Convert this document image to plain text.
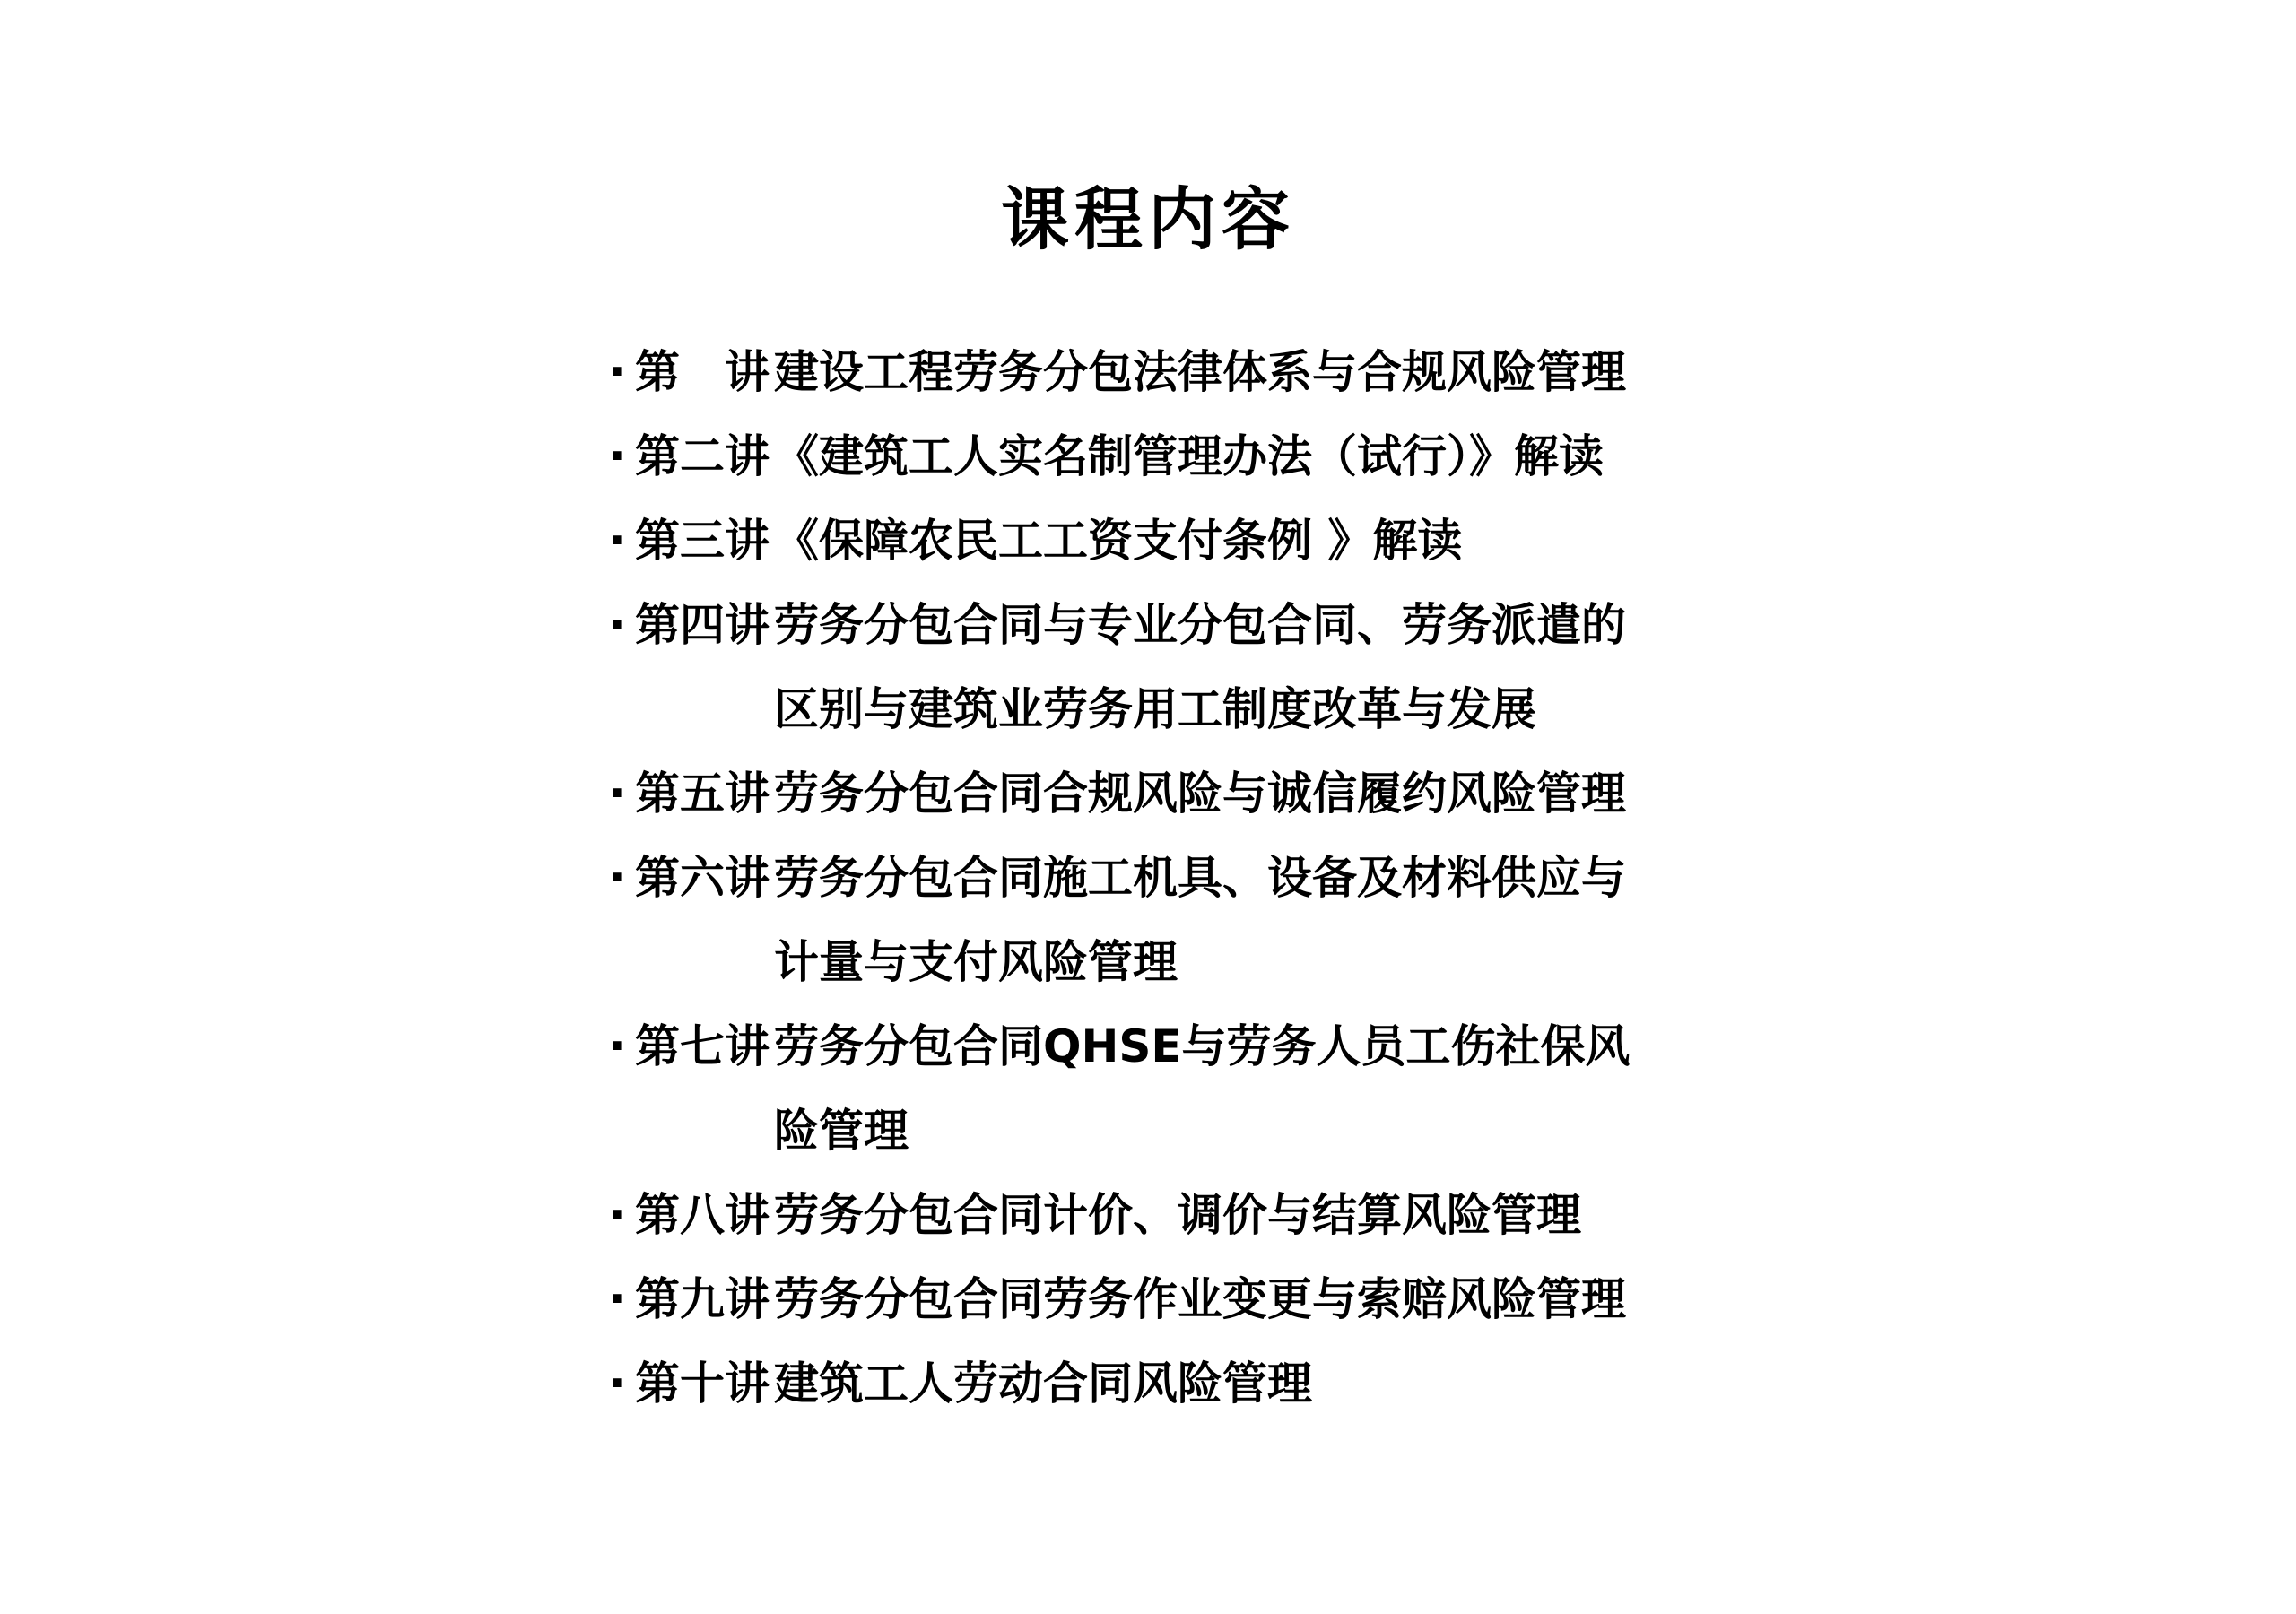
课程内容
· 第　讲 建设工程劳务分包法律体系与合规风险管理
· 第二讲 《建筑工人实名制管理办法（试行）》解读
· 第三讲 《保障农民工工资支付条例 》解读
· 第四讲 劳务分包合同与专业分包合同、劳务派遣的
区别与建筑业劳务用工制度改革与发展
· 第五讲 劳务分包合同合规风险与诚信履约风险管理
· 第六讲 劳务分包合同施工机具、设备及材料供应与
计量与支付风险管理
· 第七讲 劳务分包合同QHSE与劳务人员工伤社保风
险管理
· 第八讲 劳务分包合同计价、调价与结算风险管理
· 第九讲 劳务分包合同劳务作业变更与索赔风险管理
· 第十讲 建筑工人劳动合同风险管理
